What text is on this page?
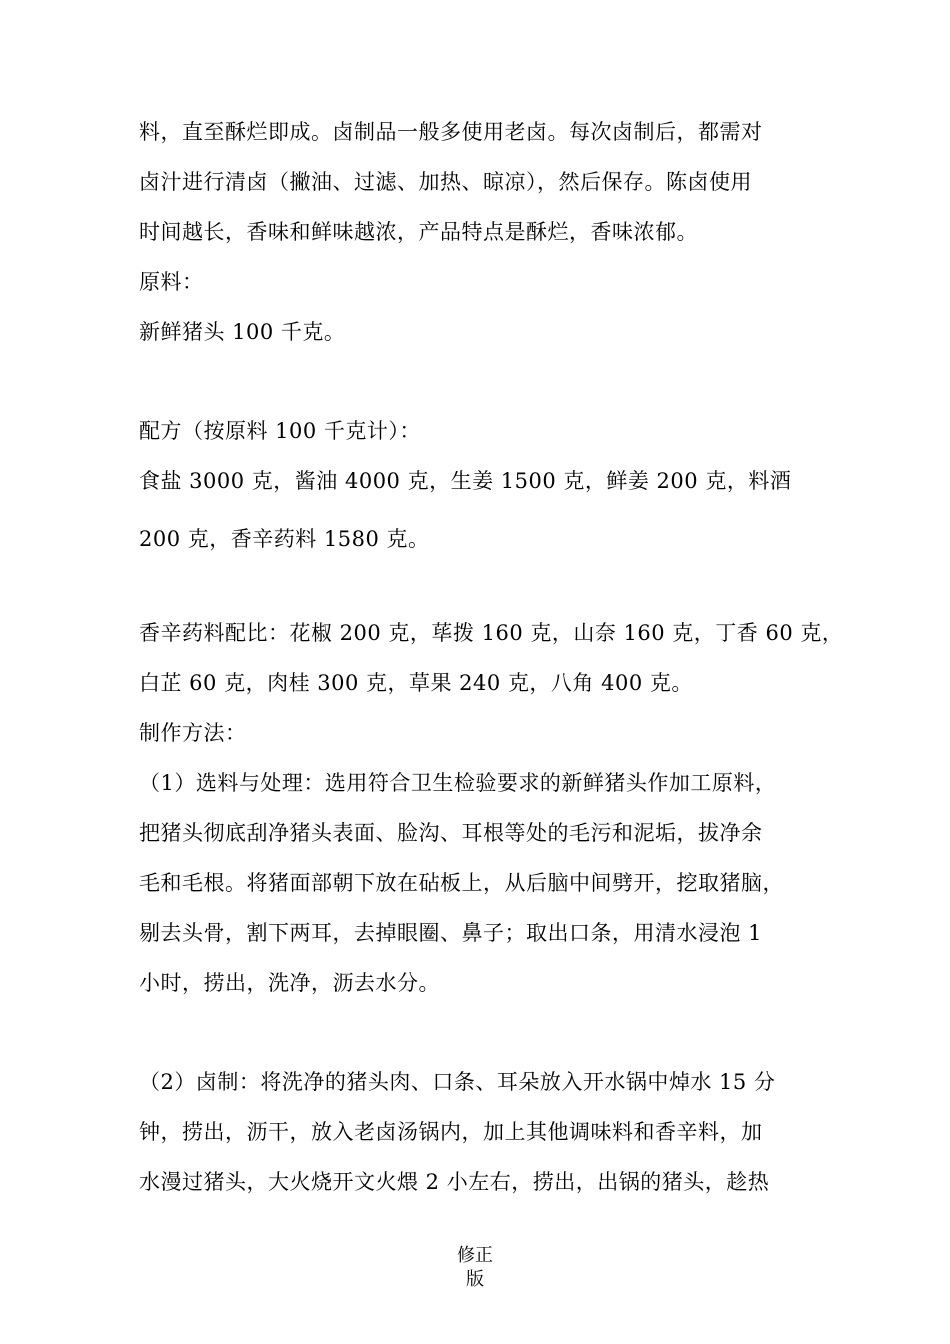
料，直至酥烂即成。卤制品一般多使用老卤。每次卤制后，都需对
卤汁进行清卤（撇油、过滤、加热、晾凉），然后保存。陈卤使用
时间越长，香味和鲜味越浓，产品特点是酥烂，香味浓郁。
原料：
新鲜猪头 100 千克。
配方（按原料 100 千克计）：
食盐 3000 克，酱油 4000 克，生姜 1500 克，鲜姜 200 克，料酒
200 克，香辛药料 1580 克。
香辛药料配比：花椒 200 克，荜拨 160 克，山奈 160 克，丁香 60 克，
白芷 60 克，肉桂 300 克，草果 240 克，八角 400 克。
制作方法：
（1）选料与处理：选用符合卫生检验要求的新鲜猪头作加工原料，
把猪头彻底刮净猪头表面、脸沟、耳根等处的毛污和泥垢，拔净余
毛和毛根。将猪面部朝下放在砧板上，从后脑中间劈开，挖取猪脑，
剔去头骨，割下两耳，去掉眼圈、鼻子；取出口条，用清水浸泡 1
小时，捞出，洗净，沥去水分。
（2）卤制：将洗净的猪头肉、口条、耳朵放入开水锅中焯水 15 分
钟，捞出，沥干，放入老卤汤锅内，加上其他调味料和香辛料，加
水漫过猪头，大火烧开文火煨 2 小左右，捞出，出锅的猪头，趁热
修正
版
